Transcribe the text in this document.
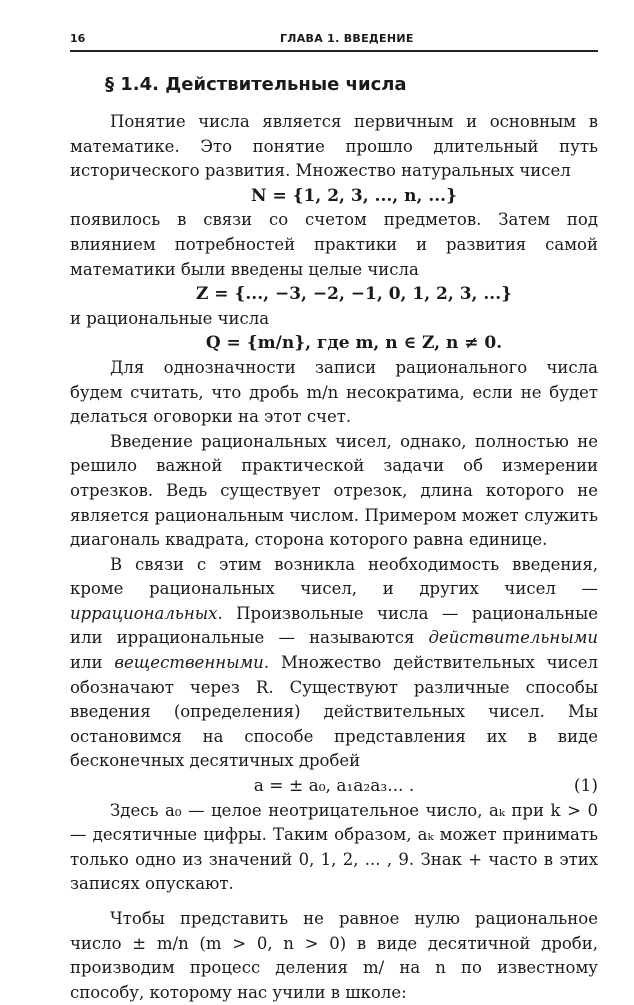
16	ГЛАВА 1. ВВЕДЕНИЕ
§ 1.4. Действительные числа

Понятие числа является первичным и основным в математике. Это понятие прошло длительный путь исторического развития. Множество натуральных чисел

N = {1, 2, 3, ..., n, ...}

появилось в связи со счетом предметов. Затем под влиянием потребностей практики и развития самой математики были введены целые числа

Z = {..., −3, −2, −1, 0, 1, 2, 3, ...}

и рациональные числа

Q = {m/n}, где m, n ∈ Z, n ≠ 0.

Для однозначности записи рационального числа будем считать, что дробь m/n несократима, если не будет делаться оговорки на этот счет.

Введение рациональных чисел, однако, полностью не решило важной практической задачи об измерении отрезков. Ведь существует отрезок, длина которого не является рациональным числом. Примером может служить диагональ квадрата, сторона которого равна единице.

В связи с этим возникла необходимость введения, кроме рациональных чисел, и других чисел — иррациональных. Произвольные числа — рациональные или иррациональные — называются действительными или вещественными. Множество действительных чисел обозначают через R. Существуют различные способы введения (определения) действительных чисел. Мы остановимся на способе представления их в виде бесконечных десятичных дробей

a = ± a₀, a₁a₂a₃... .	(1)

Здесь a₀ — целое неотрицательное число, aₖ при k > 0 — десятичные цифры. Таким образом, aₖ может принимать только одно из значений 0, 1, 2, ... , 9. Знак + часто в этих записях опускают.

Чтобы представить не равное нулю рациональное число ± m/n (m > 0, n > 0) в виде десятичной дроби, производим процесс деления m/ на n по известному способу, которому нас учили в школе:
